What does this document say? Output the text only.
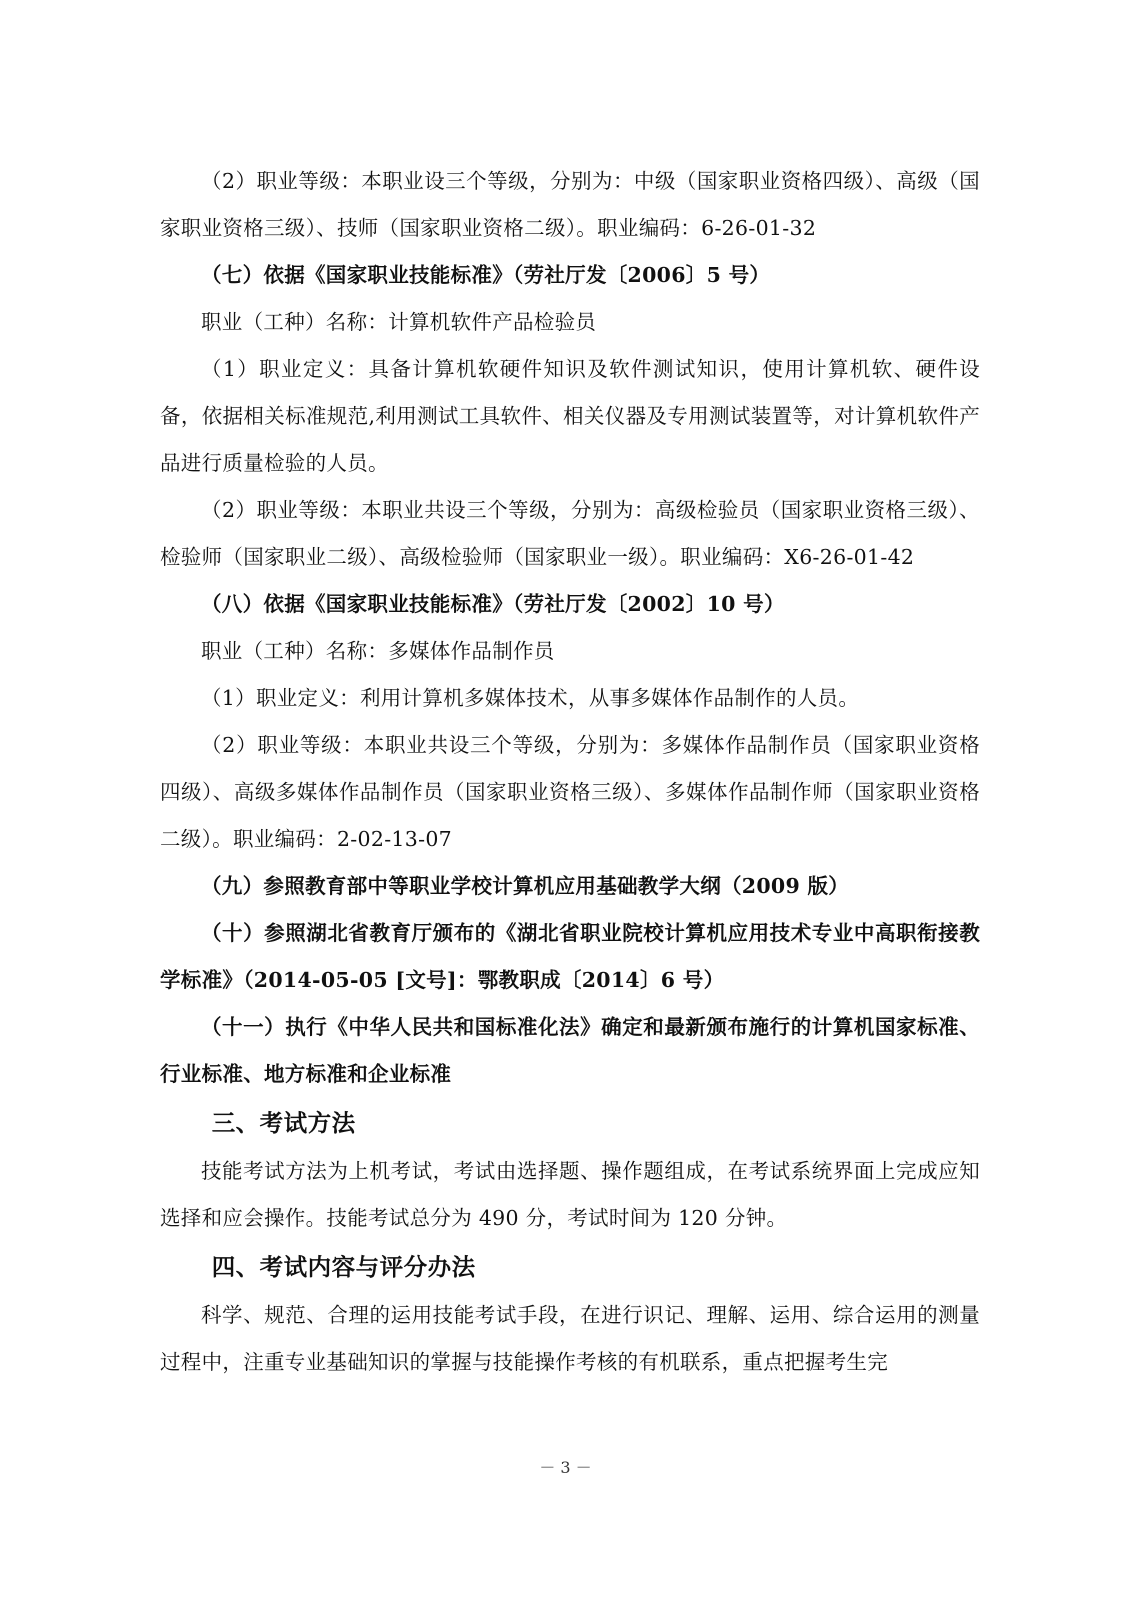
（2）职业等级：本职业设三个等级，分别为：中级（国家职业资格四级）、高级（国家职业资格三级）、技师（国家职业资格二级）。职业编码：6-26-01-32

（七）依据《国家职业技能标准》（劳社厅发〔2006〕5 号）

职业（工种）名称：计算机软件产品检验员

（1）职业定义：具备计算机软硬件知识及软件测试知识，使用计算机软、硬件设备，依据相关标准规范,利用测试工具软件、相关仪器及专用测试装置等，对计算机软件产品进行质量检验的人员。

（2）职业等级：本职业共设三个等级，分别为：高级检验员（国家职业资格三级）、检验师（国家职业二级）、高级检验师（国家职业一级）。职业编码：X6-26-01-42

（八）依据《国家职业技能标准》（劳社厅发〔2002〕10 号）

职业（工种）名称：多媒体作品制作员

（1）职业定义：利用计算机多媒体技术，从事多媒体作品制作的人员。

（2）职业等级：本职业共设三个等级，分别为：多媒体作品制作员（国家职业资格四级）、高级多媒体作品制作员（国家职业资格三级）、多媒体作品制作师（国家职业资格二级）。职业编码：2-02-13-07

（九）参照教育部中等职业学校计算机应用基础教学大纲（2009 版）

（十）参照湖北省教育厅颁布的《湖北省职业院校计算机应用技术专业中高职衔接教学标准》（2014-05-05 [文号]：鄂教职成〔2014〕6 号）

（十一）执行《中华人民共和国标准化法》确定和最新颁布施行的计算机国家标准、行业标准、地方标准和企业标准

三、考试方法

技能考试方法为上机考试，考试由选择题、操作题组成，在考试系统界面上完成应知选择和应会操作。技能考试总分为 490 分，考试时间为 120 分钟。

四、考试内容与评分办法

科学、规范、合理的运用技能考试手段，在进行识记、理解、运用、综合运用的测量过程中，注重专业基础知识的掌握与技能操作考核的有机联系，重点把握考生完

－ 3 －
